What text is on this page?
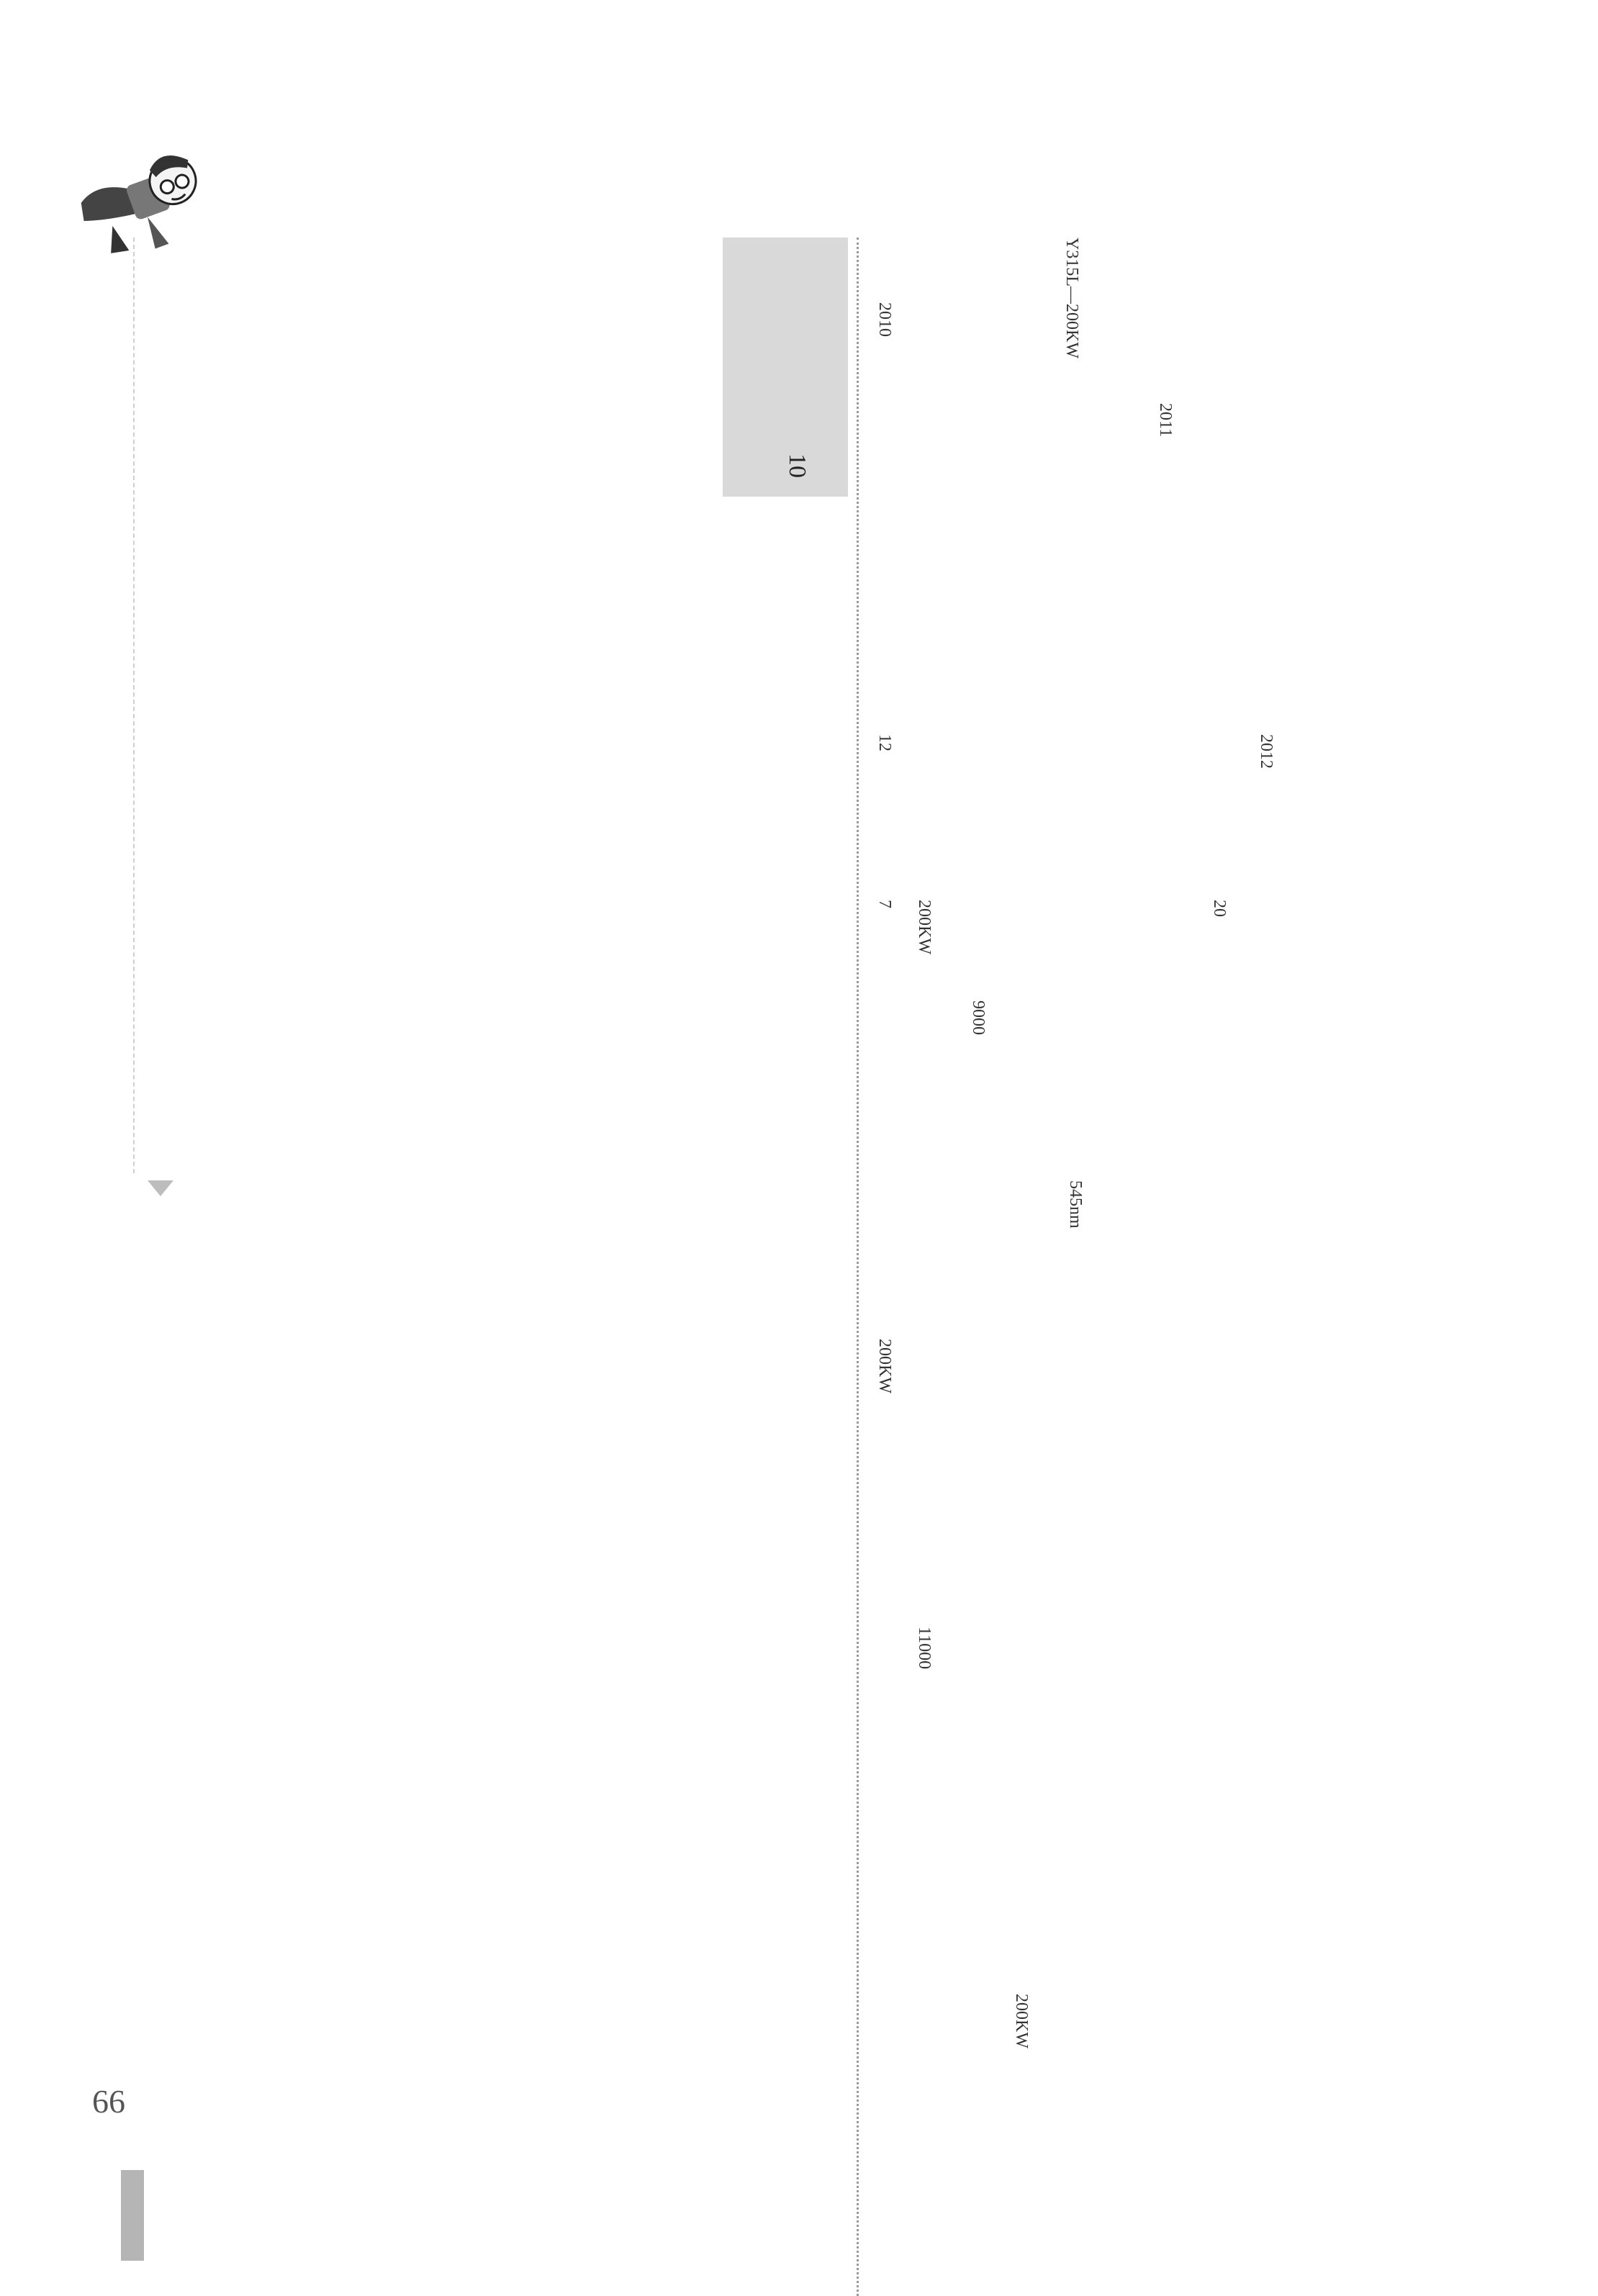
10
2012
20
545nm
Y315L—200KW
200KW
11000
9000
200KW
12
7
200KW
2010
2011
66
